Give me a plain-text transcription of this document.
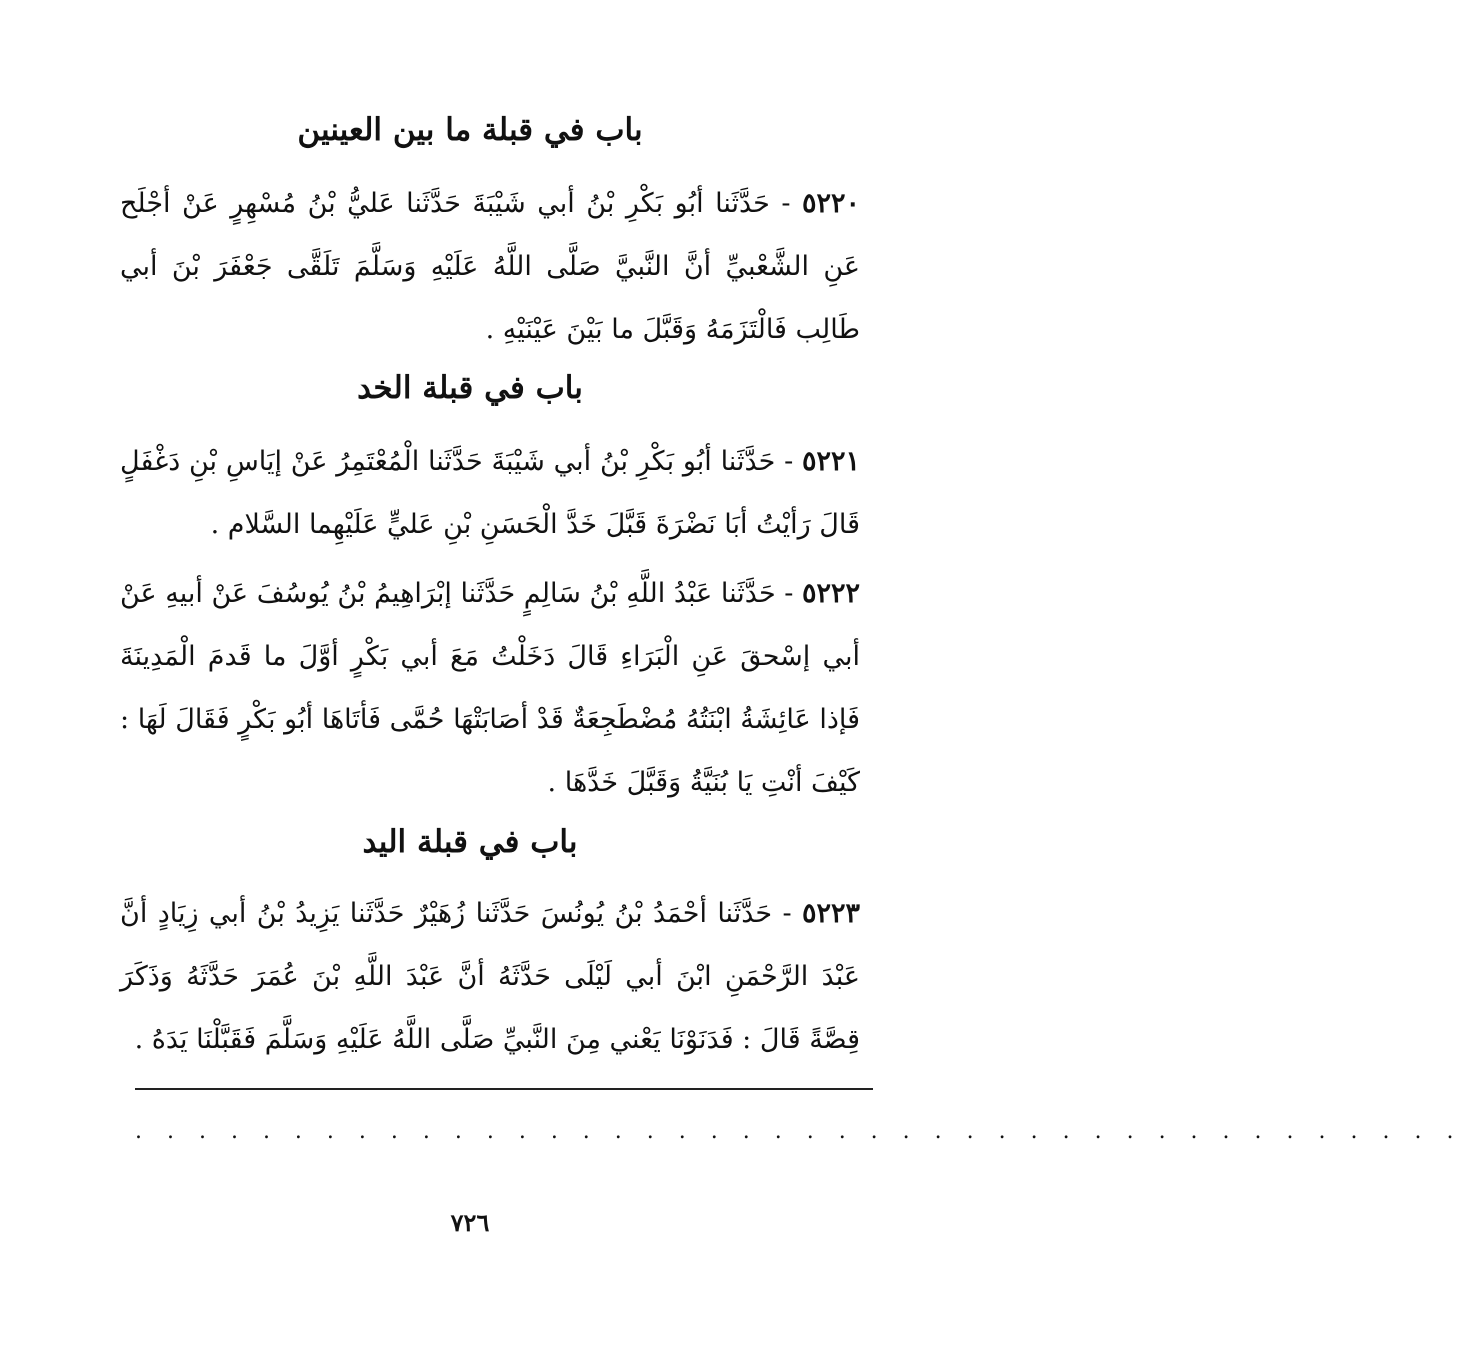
باب في قبلة ما بين العينين

٥٢٢٠ - حَدَّثَنا أبُو بَكْرِ بْنُ أبي شَيْبَةَ حَدَّثَنا عَليُّ بْنُ مُسْهِرٍ عَنْ أجْلَح عَنِ الشَّعْبيِّ أنَّ النَّبيَّ صَلَّى اللَّهُ عَلَيْهِ وَسَلَّمَ تَلَقَّى جَعْفَرَ بْنَ أبي طَالِب فَالْتَزَمَهُ وَقَبَّلَ ما بَيْنَ عَيْنَيْهِ .

باب في قبلة الخد

٥٢٢١ - حَدَّثَنا أبُو بَكْرِ بْنُ أبي شَيْبَةَ حَدَّثَنا الْمُعْتَمِرُ عَنْ إيَاسِ بْنِ دَغْفَلٍ قَالَ رَأيْتُ أبَا نَضْرَةَ قَبَّلَ خَدَّ الْحَسَنِ بْنِ عَليٍّ عَلَيْهِما السَّلام .

٥٢٢٢ - حَدَّثَنا عَبْدُ اللَّهِ بْنُ سَالِمٍ حَدَّثَنا إبْرَاهِيمُ بْنُ يُوسُفَ عَنْ أبيهِ عَنْ أبي إسْحقَ عَنِ الْبَرَاءِ قَالَ دَخَلْتُ مَعَ أبي بَكْرٍ أوَّلَ ما قَدمَ الْمَدِينَةَ فَإذا عَائِشَةُ ابْنَتُهُ مُضْطَجِعَةٌ قَدْ أصَابَتْهَا حُمَّى فَأتَاهَا أبُو بَكْرٍ فَقَالَ لَهَا : كَيْفَ أنْتِ يَا بُنَيَّةُ وَقَبَّلَ خَدَّهَا .

باب في قبلة اليد

٥٢٢٣ - حَدَّثَنا أحْمَدُ بْنُ يُونُسَ حَدَّثَنا زُهَيْرٌ حَدَّثَنا يَزِيدُ بْنُ أبي زِيَادٍ أنَّ عَبْدَ الرَّحْمَنِ ابْنَ أبي لَيْلَى حَدَّثَهُ أنَّ عَبْدَ اللَّهِ بْنَ عُمَرَ حَدَّثَهُ وَذَكَرَ قِصَّةً قَالَ : فَدَنَوْنَا يَعْني مِنَ النَّبيِّ صَلَّى اللَّهُ عَلَيْهِ وَسَلَّمَ فَقَبَّلْنَا يَدَهُ .

. . . . . . . . . . . . . . . . . . . . . . . . . . . . . . . . . . . . . . . . . .
٧٢٦
